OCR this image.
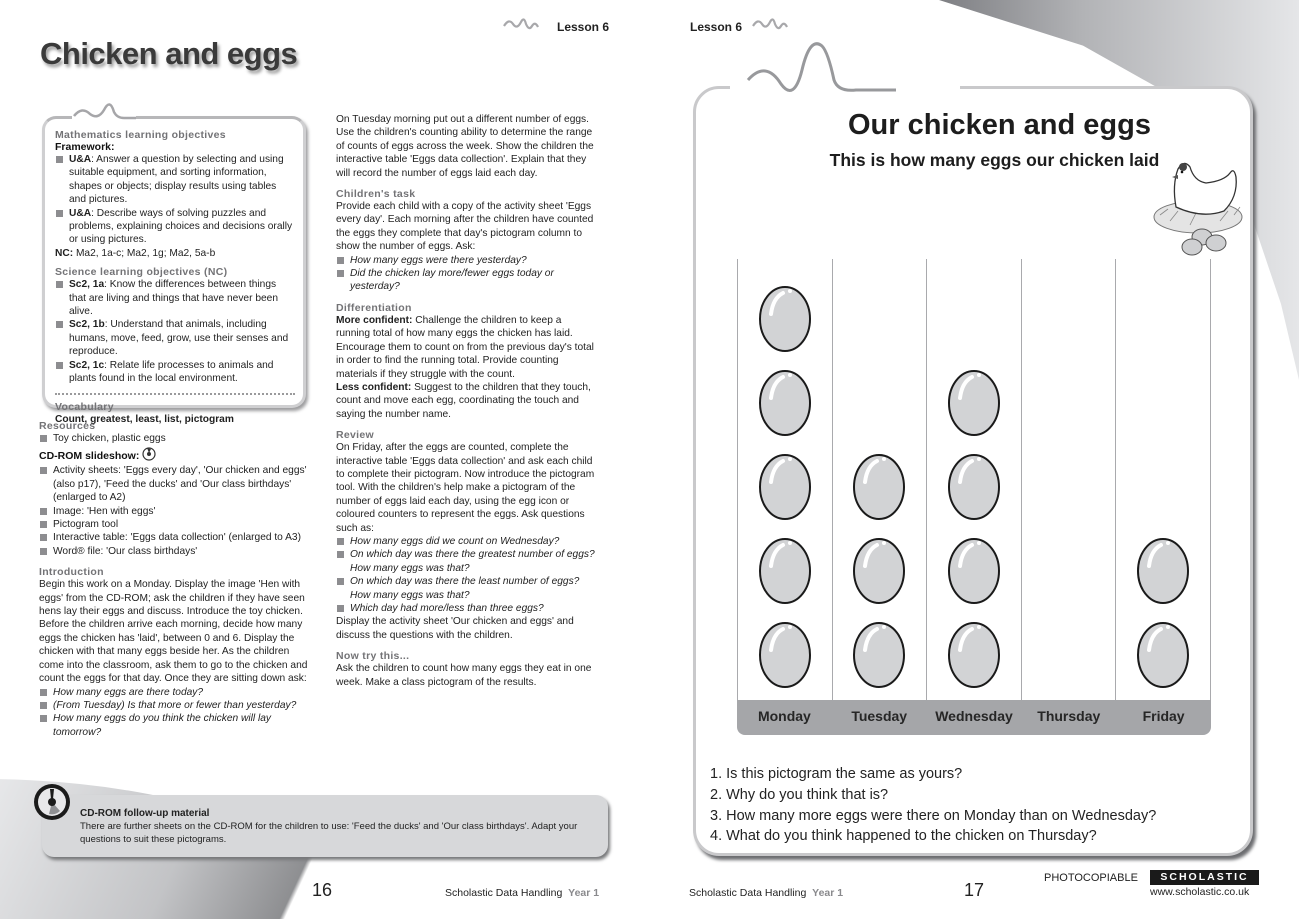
Lesson 6
Chicken and eggs
Mathematics learning objectives
Framework:
U&A: Answer a question by selecting and using suitable equipment, and sorting information, shapes or objects; display results using tables and pictures.
U&A: Describe ways of solving puzzles and problems, explaining choices and decisions orally or using pictures.
NC: Ma2, 1a-c; Ma2, 1g; Ma2, 5a-b
Science learning objectives (NC)
Sc2, 1a: Know the differences between things that are living and things that have never been alive.
Sc2, 1b: Understand that animals, including humans, move, feed, grow, use their senses and reproduce.
Sc2, 1c: Relate life processes to animals and plants found in the local environment.
Vocabulary
Count, greatest, least, list, pictogram
Resources
Toy chicken, plastic eggs
CD-ROM slideshow:
Activity sheets: 'Eggs every day', 'Our chicken and eggs' (also p17), 'Feed the ducks' and 'Our class birthdays' (enlarged to A2)
Image: 'Hen with eggs'
Pictogram tool
Interactive table: 'Eggs data collection' (enlarged to A3)
Word® file: 'Our class birthdays'
Introduction
Begin this work on a Monday. Display the image 'Hen with eggs' from the CD-ROM; ask the children if they have seen hens lay their eggs and discuss. Introduce the toy chicken. Before the children arrive each morning, decide how many eggs the chicken has 'laid', between 0 and 6. Display the chicken with that many eggs beside her. As the children come into the classroom, ask them to go to the chicken and count the eggs for that day. Once they are sitting down ask:
How many eggs are there today?
(From Tuesday) Is that more or fewer than yesterday?
How many eggs do you think the chicken will lay tomorrow?
On Tuesday morning put out a different number of eggs. Use the children's counting ability to determine the range of counts of eggs across the week. Show the children the interactive table 'Eggs data collection'. Explain that they will record the number of eggs laid each day.
Children's task
Provide each child with a copy of the activity sheet 'Eggs every day'. Each morning after the children have counted the eggs they complete that day's pictogram column to show the number of eggs. Ask:
How many eggs were there yesterday?
Did the chicken lay more/fewer eggs today or yesterday?
Differentiation
More confident: Challenge the children to keep a running total of how many eggs the chicken has laid. Encourage them to count on from the previous day's total in order to find the running total. Provide counting materials if they struggle with the count.
Less confident: Suggest to the children that they touch, count and move each egg, coordinating the touch and saying the number name.
Review
On Friday, after the eggs are counted, complete the interactive table 'Eggs data collection' and ask each child to complete their pictogram. Now introduce the pictogram tool. With the children's help make a pictogram of the number of eggs laid each day, using the egg icon or coloured counters to represent the eggs. Ask questions such as:
How many eggs did we count on Wednesday?
On which day was there the greatest number of eggs? How many eggs was that?
On which day was there the least number of eggs? How many eggs was that?
Which day had more/less than three eggs?
Display the activity sheet 'Our chicken and eggs' and discuss the questions with the children.
Now try this...
Ask the children to count how many eggs they eat in one week. Make a class pictogram of the results.
CD-ROM follow-up material
There are further sheets on the CD-ROM for the children to use: 'Feed the ducks' and 'Our class birthdays'. Adapt your questions to suit these pictograms.
16	Scholastic Data Handling Year 1
Lesson 6
Our chicken and eggs
This is how many eggs our chicken laid
Monday	Tuesday	Wednesday	Thursday	Friday
1. Is this pictogram the same as yours?
2. Why do you think that is?
3. How many more eggs were there on Monday than on Wednesday?
4. What do you think happened to the chicken on Thursday?
Scholastic Data Handling Year 1	17
PHOTOCOPIABLE	SCHOLASTIC
www.scholastic.co.uk
